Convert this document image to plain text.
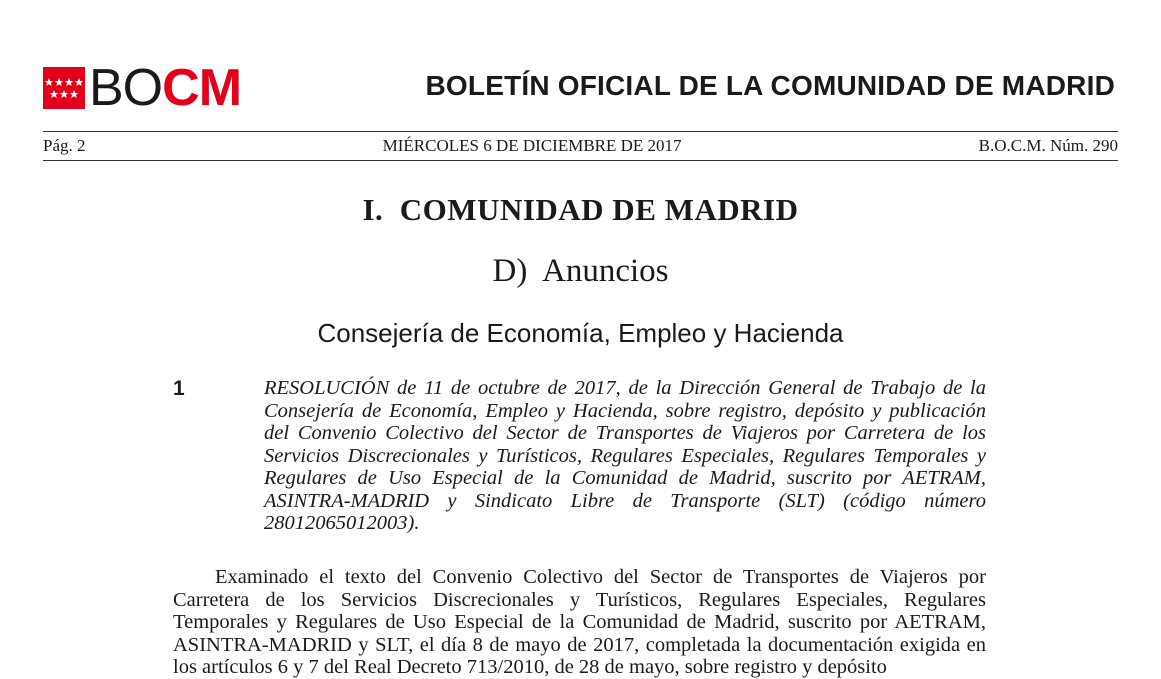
BO CM	BOLETÍN OFICIAL DE LA COMUNIDAD DE MADRID
Pág. 2	MIÉRCOLES 6 DE DICIEMBRE DE 2017	B.O.C.M. Núm. 290
I.  COMUNIDAD DE MADRID
D)  Anuncios
Consejería de Economía, Empleo y Hacienda
1	RESOLUCIÓN de 11 de octubre de 2017, de la Dirección General de Trabajo de la Consejería de Economía, Empleo y Hacienda, sobre registro, depósito y publicación del Convenio Colectivo del Sector de Transportes de Viajeros por Carretera de los Servicios Discrecionales y Turísticos, Regulares Especiales, Regulares Temporales y Regulares de Uso Especial de la Comunidad de Madrid, suscrito por AETRAM, ASINTRA-MADRID y Sindicato Libre de Transporte (SLT) (código número 28012065012003).

Examinado el texto del Convenio Colectivo del Sector de Transportes de Viajeros por Carretera de los Servicios Discrecionales y Turísticos, Regulares Especiales, Regulares Temporales y Regulares de Uso Especial de la Comunidad de Madrid, suscrito por AETRAM, ASINTRA-MADRID y SLT, el día 8 de mayo de 2017, completada la documentación exigida en los artículos 6 y 7 del Real Decreto 713/2010, de 28 de mayo, sobre registro y depósito
